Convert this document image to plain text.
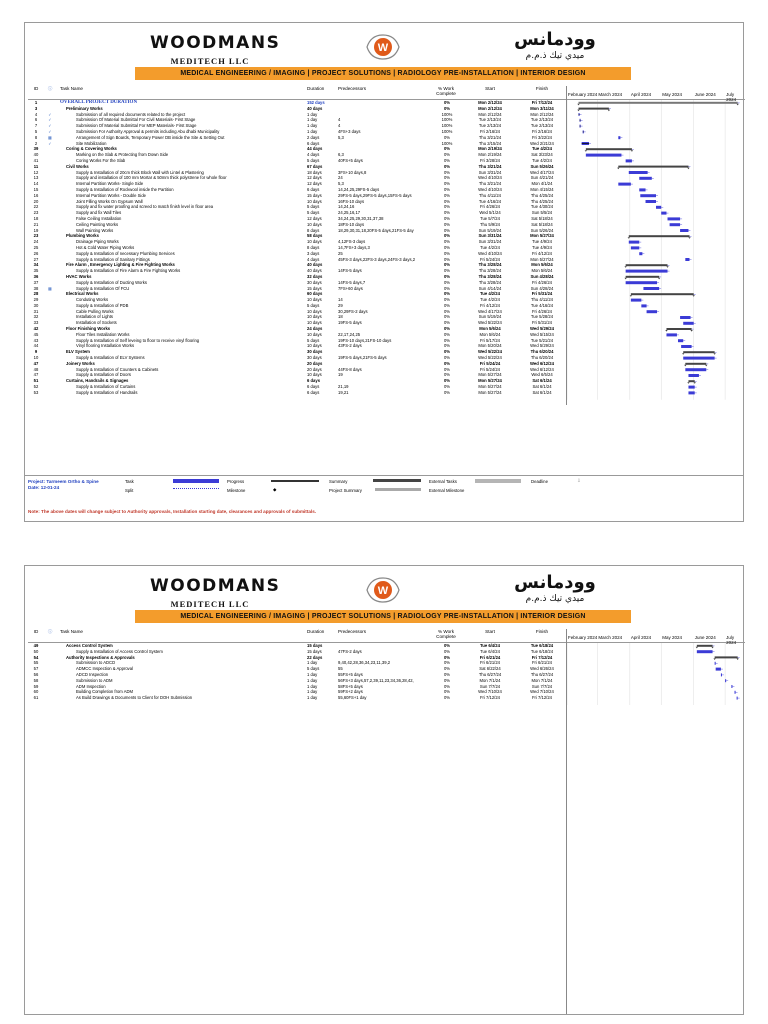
WOODMANS
MEDITECH LLC
W	وودمانس
ميدي تيك ذ.م.م
MEDICAL ENGINEERING / IMAGING | PROJECT SOLUTIONS | RADIOLOGY PRE-INSTALLATION | INTERIOR DESIGN
ID	ⓘ	Task Name	Duration	Predecessors	% Work Complete
Start	Finish
1	OVERALL PROJECT DURATION	152 days	0%	Mon 2/12/24	Fri 7/12/24
3	Preliminary Works	40 days	0%	Mon 2/12/24	Mon 3/11/24
4	✓	Submission of all required documents related to the project	1 day	100%	Mon 2/12/24	Mon 2/12/24
6	✓	Submission Of Material Submittal For Civil Materials- First Stage	1 day	4	100%	Tue 2/13/24	Tue 2/13/24
7	✓	Submission Of Material Submittal For MEP Materials- First Stage	1 day	4	100%	Tue 2/13/24	Tue 2/13/24
5	✓	Submission For Authority Approval & permits including Abu dhabi Municipality	1 day	4FS+3 days	100%	Fri 2/16/24	Fri 2/16/24
8	▦	Arrangement of Sign Boards, Temporary Power DB inside the Site & Setting Out	2 days	5,3	0%	Thu 3/21/24	Fri 3/22/24
2	✓	Site Mobilization	6 days	100%	Thu 2/15/24	Wed 2/21/24
39	Coring & Covering Works	44 days	0%	Mon 2/19/24	Tue 4/2/24
40	Marking on the Slab & Protecting from Down Side	4 days	6,3	0%	Mon 2/19/24	Sat 3/23/24
41	Coring Works For the Slab	5 days	40FS+5 days	0%	Fri 3/28/24	Tue 4/2/24
11	Civil Works	67 days	0%	Thu 3/21/24	Sun 5/26/24
12	Supply & Installation of 20cm thick Block Wall with Lintel & Plastering	18 days	3FS+10 days,8	0%	Sun 3/31/24	Wed 4/17/24
13	Supply and installation of 100 mm Mortar & 50mm thick polystrene for whole floor	12 days	24	0%	Wed 4/10/24	Sun 4/21/24
14	Internal Partition Works- Single Side	12 days	5,3	0%	Thu 3/21/24	Mon 4/1/24
15	Supply & Installation of Rockwool inside the Partition	6 days	14,24,25,29FS-5 days	0%	Wed 4/10/24	Mon 4/15/24
16	Internal Partition Works - Double Side	15 days	29FS-5 days,29FS-5 days,15FS-5 days	0%	Thu 4/11/24	Thu 4/25/24
20	Joint Filling Works On Gypsum Wall	10 days	16FS-10 days	0%	Tue 4/16/24	Thu 4/25/24
22	Supply and fix water proofing and screed to match finish level in floor area	5 days	14,24,16	0%	Fri 4/26/24	Tue 4/30/24
23	Supply and fix Wall Tiles	5 days	24,25,16,17	0%	Wed 5/1/24	Sun 5/5/24
18	False Ceiling Installation	12 days	34,24,25,29,30,31,37,38	0%	Tue 5/7/24	Sat 5/18/24
21	Ceiling Painting Works	10 days	18FS-10 days	0%	Thu 5/9/24	Sat 5/18/24
19	Wall Painting Works	8 days	18,29,30,31,18,20FS-5 days,21FS-5 day	0%	Sun 5/19/24	Sun 5/26/24
23	Plumbing Works	58 days	0%	Sun 3/31/24	Mon 5/27/24
24	Drainage Piping Works	10 days	4,12FS-3 days	0%	Sun 3/31/24	Tue 4/9/24
25	Hot & Cold Water Piping Works	8 days	14,7FS+3 days,3	0%	Tue 4/2/24	Tue 4/9/24
26	Supply & Installation of necessary Plumbing Services	3 days	25	0%	Wed 4/10/24	Fri 4/12/24
27	Supply & Installation of Sanitary Fittings	4 days	45FS-3 days,22FS-3 days,24FS-3 days,2	0%	Fri 5/24/24	Mon 5/27/24
34	Fire Alarm , Emergency Lighting & Fire Fighting Works	40 days	0%	Thu 3/28/24	Mon 5/6/24
35	Supply & Installation of Fire Alarm & Fire Fighting Works	40 days	14FS-5 days	0%	Thu 3/28/24	Mon 5/6/24
36	HVAC Works	32 days	0%	Thu 3/28/24	Sun 4/28/24
37	Supply & Installation of Ducting Works	30 days	14FS-5 days,7	0%	Thu 3/28/24	Fri 4/26/24
38	▦	Supply & Installation Of FCU	15 days	7FS+60 days	0%	Sun 4/14/24	Sun 4/28/24
28	Electrical Works	60 days	0%	Tue 4/2/24	Fri 5/31/24
29	Conduting Works	10 days	14	0%	Tue 4/2/24	Thu 4/11/24
30	Supply & Installation of PDB	5 days	29	0%	Fri 4/12/24	Tue 4/16/24
31	Cable Pulling Works	10 days	30,29FS-2 days	0%	Wed 4/17/24	Fri 4/26/24
32	Installation of Lights	10 days	18	0%	Sun 5/19/24	Tue 5/28/24
33	Installation of Sockets	10 days	19FS-5 days	0%	Wed 5/22/24	Fri 5/31/24
42	Floor Finishing Works	24 days	0%	Mon 5/6/24	Wed 5/29/24
45	Floor Tiles Installation Works	10 days	22,17,24,25	0%	Mon 5/6/24	Wed 5/15/24
43	Supply & Installation of Self leveing to floor to receive vinyl flooring	5 days	19FS-10 days,21FS-10 days	0%	Fri 5/17/24	Tue 5/21/24
44	Vinyl flooring Installation Works	10 days	43FS-2 days	0%	Mon 5/20/24	Wed 5/29/24
9	ELV System	30 days	0%	Wed 5/22/24	Thu 6/20/24
10	Supply & Installation of ELV Systems	30 days	19FS-5 days,21FS-5 days	0%	Wed 5/22/24	Thu 6/20/24
47	Joinery Works	20 days	0%	Fri 5/24/24	Wed 6/12/24
48	Supply & Installation of Counters & Cabinets	20 days	44FS-8 days	0%	Fri 5/24/24	Wed 6/12/24
47	Supply & Installation of Doors	10 days	19	0%	Mon 5/27/24	Wed 6/5/24
51	Curtains, Handrails & Signages	6 days	0%	Mon 5/27/24	Sat 6/1/24
52	Supply & Installation of Curtains	6 days	21,19	0%	Mon 5/27/24	Sat 6/1/24
53	Supply & Installation of Handrails	6 days	19,21	0%	Mon 5/27/24	Sat 6/1/24
February 2024 March 2024 April 2024 May 2024	June 2024 July 2024
Project: Tarmeem Ortho & Spine
Date: 12-01-24
Task
Split
Progress
Milestone	◆
Summary
Project Summary
External Tasks
External Milestone
Deadline	⇩
Note: The above dates will change subject to Authority approvals, Installation starting date, clearances and approvals of submittals.
WOODMANS
MEDITECH LLC
W	وودمانس
ميدي تيك ذ.م.م
MEDICAL ENGINEERING / IMAGING | PROJECT SOLUTIONS | RADIOLOGY PRE-INSTALLATION | INTERIOR DESIGN
ID	ⓘ	Task Name	Duration	Predecessors	% Work Complete
Start	Finish
49	Access Control System	15 days	0%	Tue 6/4/24	Tue 6/18/24
50	Supply & Installation of Access Control System	15 days	47FS-2 days	0%	Tue 6/4/24	Tue 6/18/24
54	Authority Inspections & Approvals	22 days	0%	Fri 6/21/24	Fri 7/12/24
55	Submission to ADCD	1 day	9,40,42,28,36,34,23,11,39,2	0%	Fri 6/21/24	Fri 6/21/24
57	ADMCC Inspection & Approval	5 days	55	0%	Sat 6/22/24	Wed 6/26/24
56	ADCD Inspection	1 day	55FS+5 days	0%	Thu 6/27/24	Thu 6/27/24
58	Submission to ADM	1 day	56FS+3 days,57,2,39,11,23,34,36,28,42,	0%	Mon 7/1/24	Mon 7/1/24
59	ADM Inspection	1 day	58FS+5 days	0%	Sun 7/7/24	Sun 7/7/24
60	Building Completion from ADM	1 day	59FS+2 days	0%	Wed 7/10/24	Wed 7/10/24
61	As Build Drawings & Documents to Client for DOH Submission	1 day	55,60FS+1 day	0%	Fri 7/12/24	Fri 7/12/24
February 2024 March 2024 April 2024 May 2024	June 2024 July 2024
